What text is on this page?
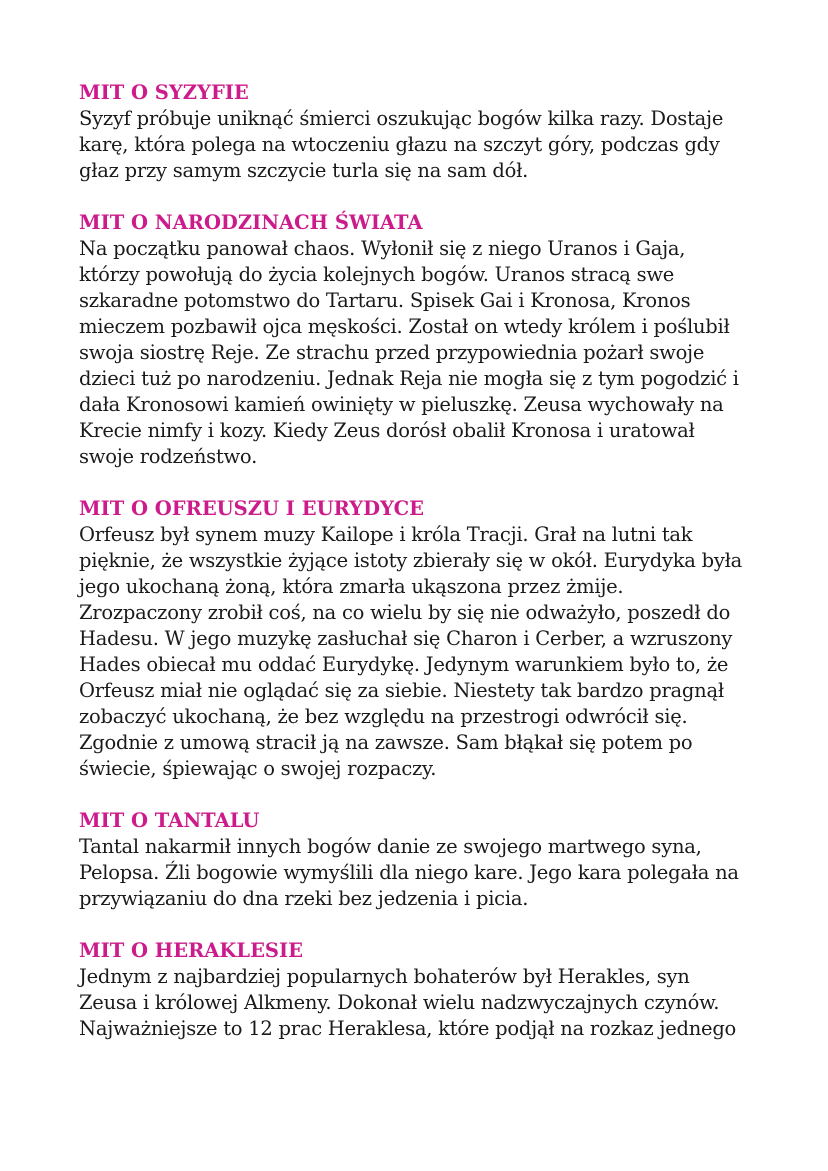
MIT O SYZYFIE

Syzyf próbuje uniknąć śmierci oszukując bogów kilka razy. Dostaje
karę, która polega na wtoczeniu głazu na szczyt góry, podczas gdy
głaz przy samym szczycie turla się na sam dół.

MIT O NARODZINACH ŚWIATA

Na początku panował chaos. Wyłonił się z niego Uranos i Gaja,
którzy powołują do życia kolejnych bogów. Uranos stracą swe
szkaradne potomstwo do Tartaru. Spisek Gai i Kronosa, Kronos
mieczem pozbawił ojca męskości. Został on wtedy królem i poślubił
swoja siostrę Reje. Ze strachu przed przypowiednia pożarł swoje
dzieci tuż po narodzeniu. Jednak Reja nie mogła się z tym pogodzić i
dała Kronosowi kamień owinięty w pieluszkę. Zeusa wychowały na
Krecie nimfy i kozy. Kiedy Zeus dorósł obalił Kronosa i uratował
swoje rodzeństwo.

MIT O OFREUSZU I EURYDYCE

Orfeusz był synem muzy Kailope i króla Tracji. Grał na lutni tak
pięknie, że wszystkie żyjące istoty zbierały się w okół. Eurydyka była
jego ukochaną żoną, która zmarła ukąszona przez żmije.
Zrozpaczony zrobił coś, na co wielu by się nie odważyło, poszedł do
Hadesu. W jego muzykę zasłuchał się Charon i Cerber, a wzruszony
Hades obiecał mu oddać Eurydykę. Jedynym warunkiem było to, że
Orfeusz miał nie oglądać się za siebie. Niestety tak bardzo pragnął
zobaczyć ukochaną, że bez względu na przestrogi odwrócił się.
Zgodnie z umową stracił ją na zawsze. Sam błąkał się potem po
świecie, śpiewając o swojej rozpaczy.

MIT O TANTALU

Tantal nakarmił innych bogów danie ze swojego martwego syna,
Pelopsa. Źli bogowie wymyślili dla niego kare. Jego kara polegała na
przywiązaniu do dna rzeki bez jedzenia i picia.

MIT O HERAKLESIE

Jednym z najbardziej popularnych bohaterów był Herakles, syn
Zeusa i królowej Alkmeny. Dokonał wielu nadzwyczajnych czynów.
Najważniejsze to 12 prac Heraklesa, które podjął na rozkaz jednego
